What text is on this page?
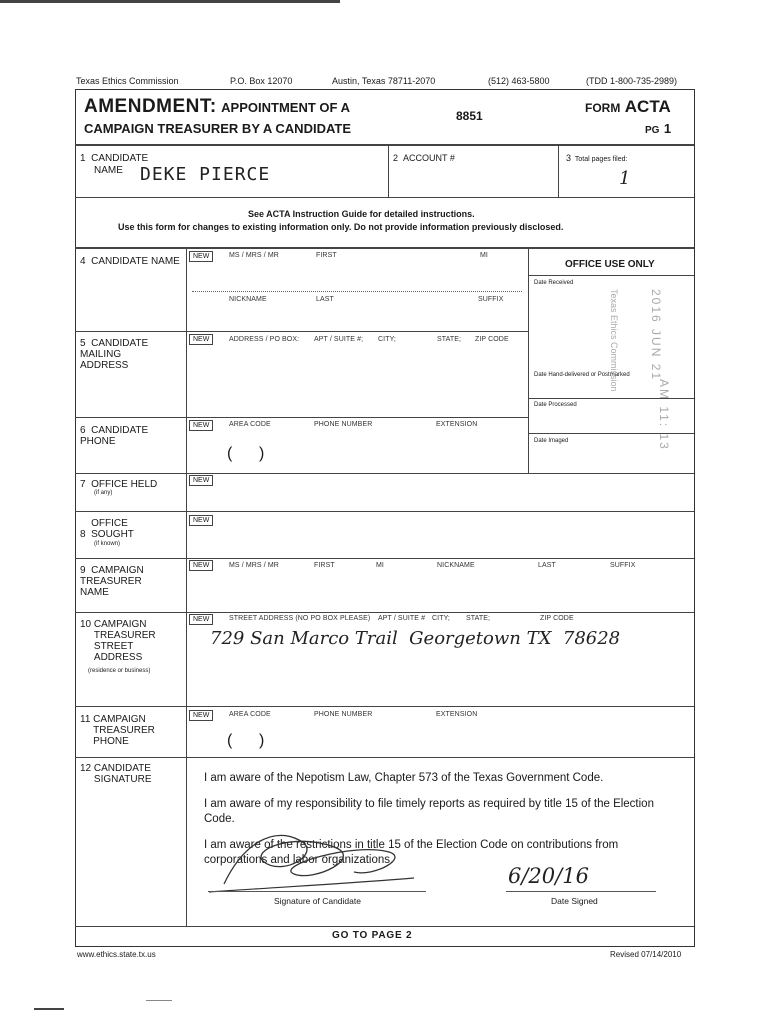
Texas Ethics Commission	P.O. Box 12070	Austin, Texas 78711-2070	(512) 463-5800	(TDD 1-800-735-2989)
AMENDMENT: APPOINTMENT OF A
CAMPAIGN TREASURER BY A CANDIDATE
8851
FORM ACTA
PG 1
1 CANDIDATE
NAME DEKE PIERCE
2 ACCOUNT #	3 Total pages filed:
1
See ACTA Instruction Guide for detailed instructions.
Use this form for changes to existing information only. Do not provide information previously disclosed.
4 CANDIDATE NAME	NEW	MS / MRS / MR	FIRST	MI
NICKNAME	LAST	SUFFIX
OFFICE USE ONLY
Date Received
Date Hand-delivered or Postmarked
Date Processed
Date Imaged
2016 JUN 21
AM 11: 13
Texas Ethics Commission
5 CANDIDATE MAILING ADDRESS
NEW	ADDRESS / PO BOX: APT / SUITE #; CITY;	STATE; ZIP CODE
6 CANDIDATE PHONE
NEW	AREA CODE	PHONE NUMBER	EXTENSION
(      )
7 OFFICE HELD
(if any)
NEW
8  OFFICE SOUGHT
(if known)
NEW
9 CAMPAIGN TREASURER NAME
NEW	MS / MRS / MR	FIRST	MI	NICKNAME	LAST	SUFFIX
10 CAMPAIGN TREASURER STREET ADDRESS
(residence or business)
NEW	STREET ADDRESS (NO PO BOX PLEASE) APT / SUITE # CITY; STATE;	ZIP CODE
729 San Marco Trail  Georgetown TX  78628
11 CAMPAIGN TREASURER PHONE
NEW	AREA CODE	PHONE NUMBER	EXTENSION
(      )
12 CANDIDATE SIGNATURE	I am aware of the Nepotism Law, Chapter 573 of the Texas Government Code.
I am aware of my responsibility to file timely reports as required by title 15 of the Election Code.
I am aware of the restrictions in title 15 of the Election Code on contributions from corporations and labor organizations.
Signature of Candidate
6/20/16
Date Signed
GO TO PAGE 2
www.ethics.state.tx.us	Revised 07/14/2010
